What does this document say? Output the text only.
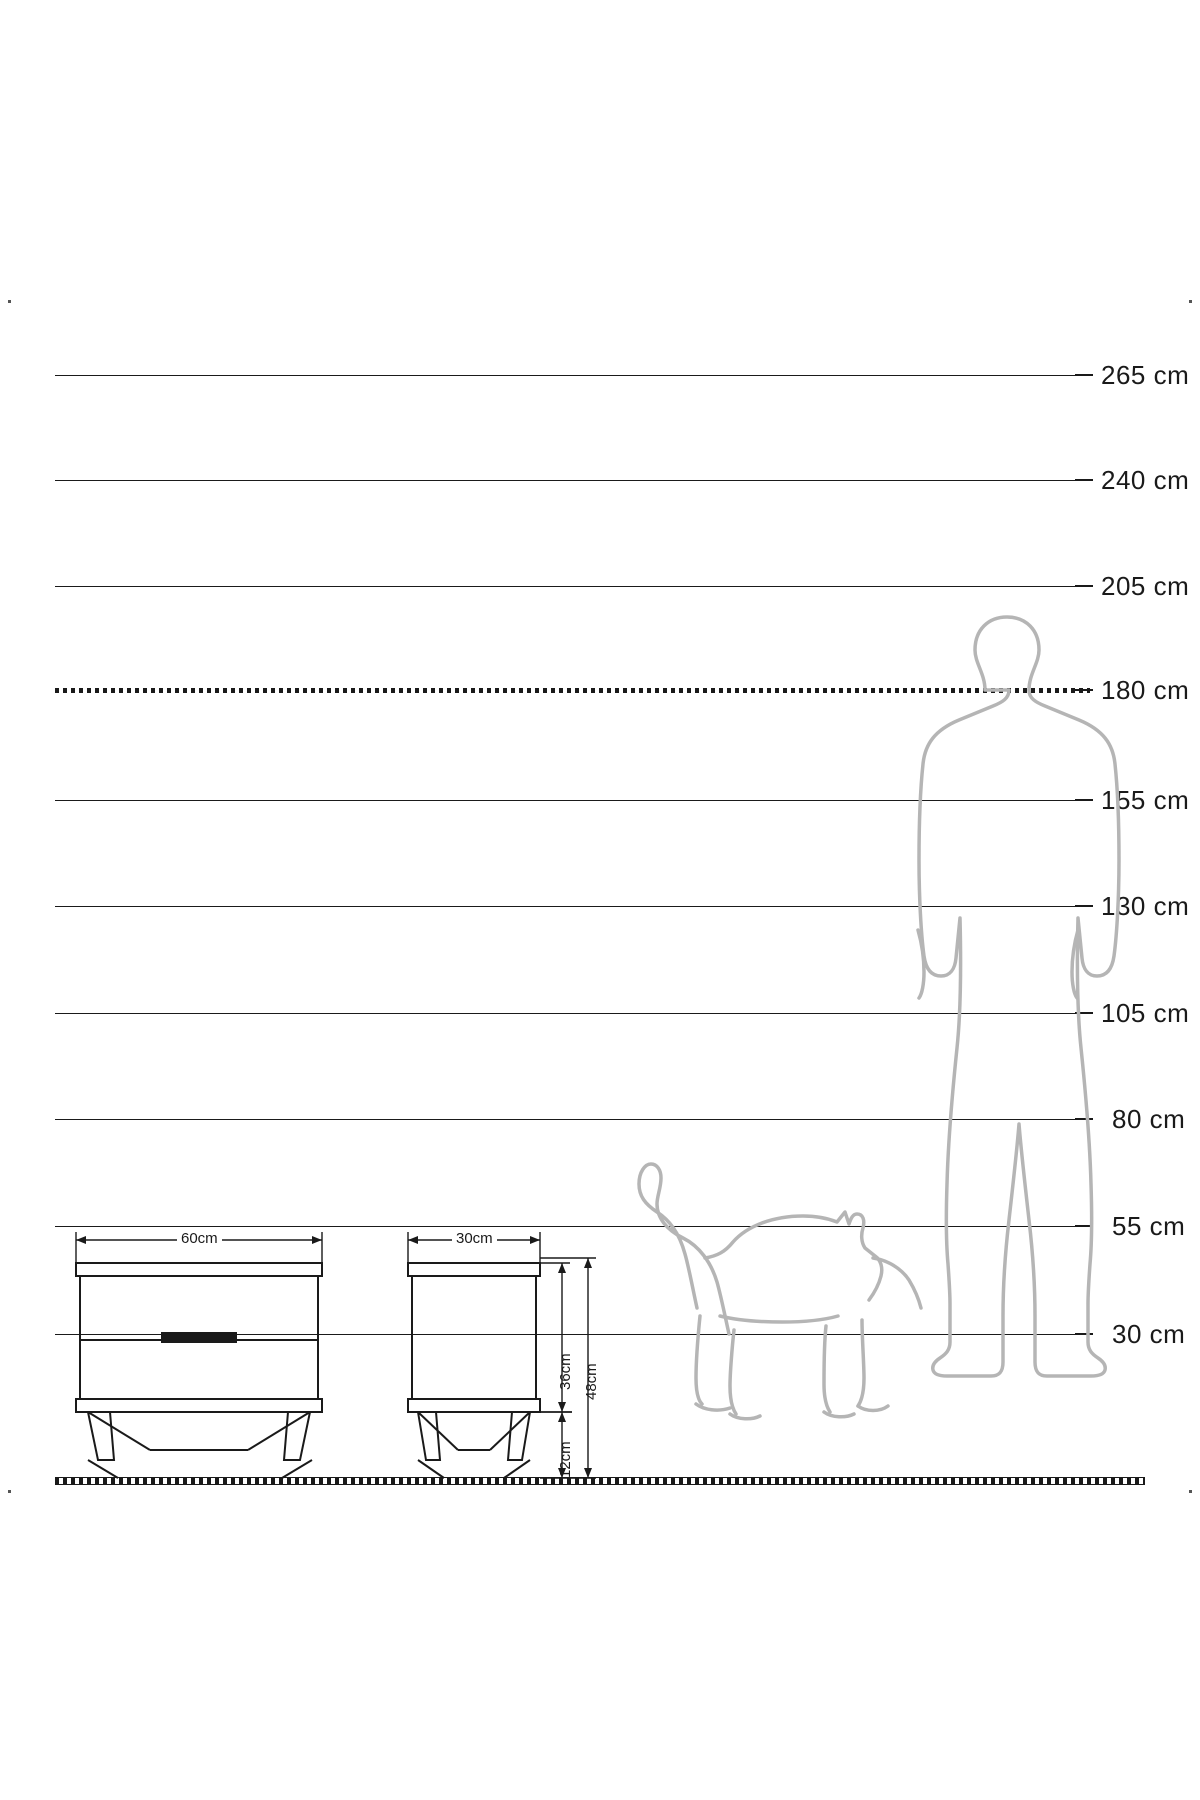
265 cm
240 cm
205 cm
180 cm
155 cm
130 cm
105 cm
80 cm
55 cm
30 cm
60cm	30cm
36cm 48cm
12cm
